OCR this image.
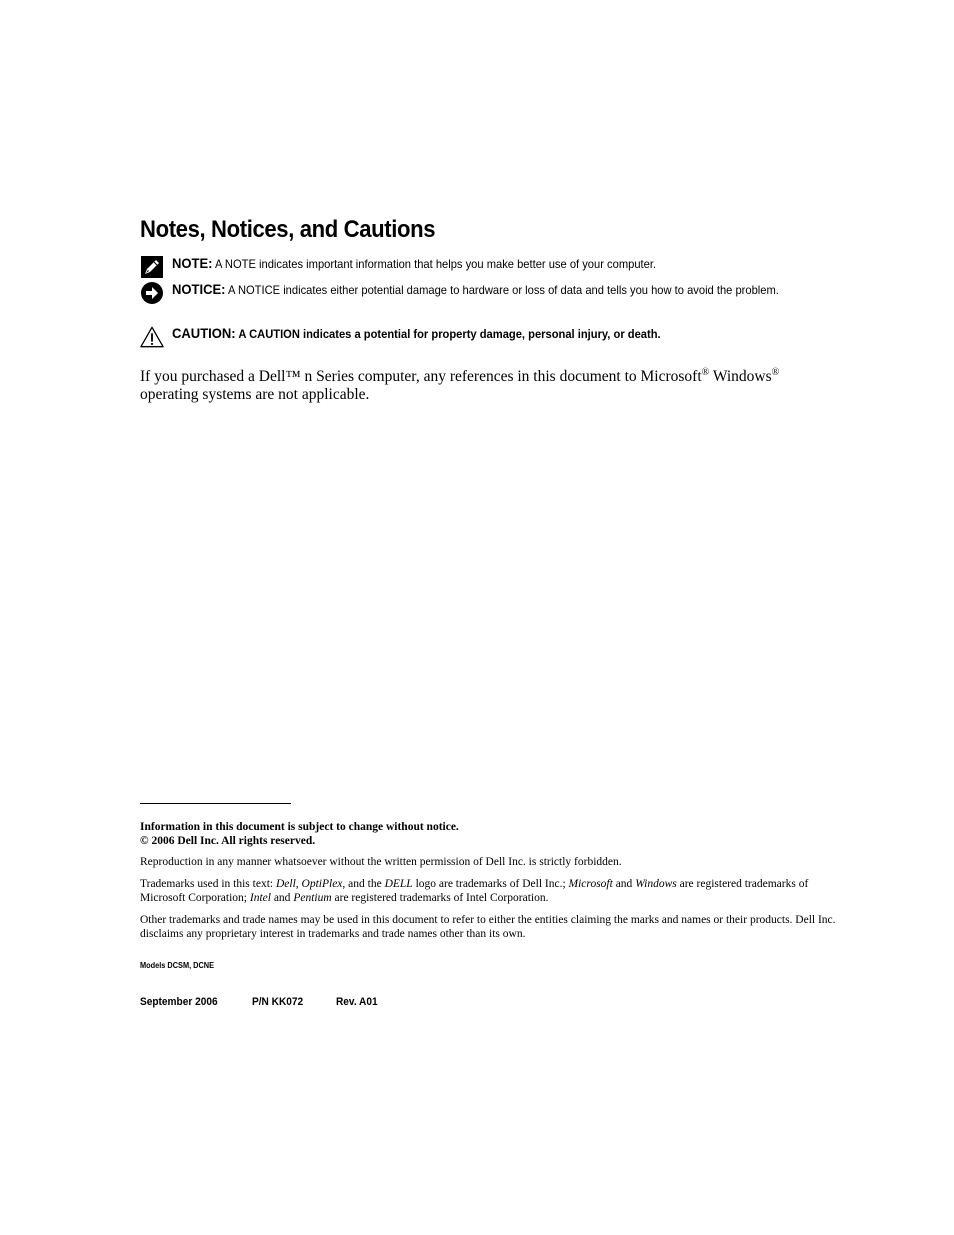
Notes, Notices, and Cautions
NOTE: A NOTE indicates important information that helps you make better use of your computer.
NOTICE: A NOTICE indicates either potential damage to hardware or loss of data and tells you how to avoid the problem.
CAUTION: A CAUTION indicates a potential for property damage, personal injury, or death.

If you purchased a Dell™ n Series computer, any references in this document to Microsoft® Windows® operating systems are not applicable.

Information in this document is subject to change without notice.
© 2006 Dell Inc. All rights reserved.

Reproduction in any manner whatsoever without the written permission of Dell Inc. is strictly forbidden.

Trademarks used in this text: Dell, OptiPlex, and the DELL logo are trademarks of Dell Inc.; Microsoft and Windows are registered trademarks of Microsoft Corporation; Intel and Pentium are registered trademarks of Intel Corporation.

Other trademarks and trade names may be used in this document to refer to either the entities claiming the marks and names or their products. Dell Inc. disclaims any proprietary interest in trademarks and trade names other than its own.

Models DCSM, DCNE

September 2006	P/N KK072	Rev. A01
